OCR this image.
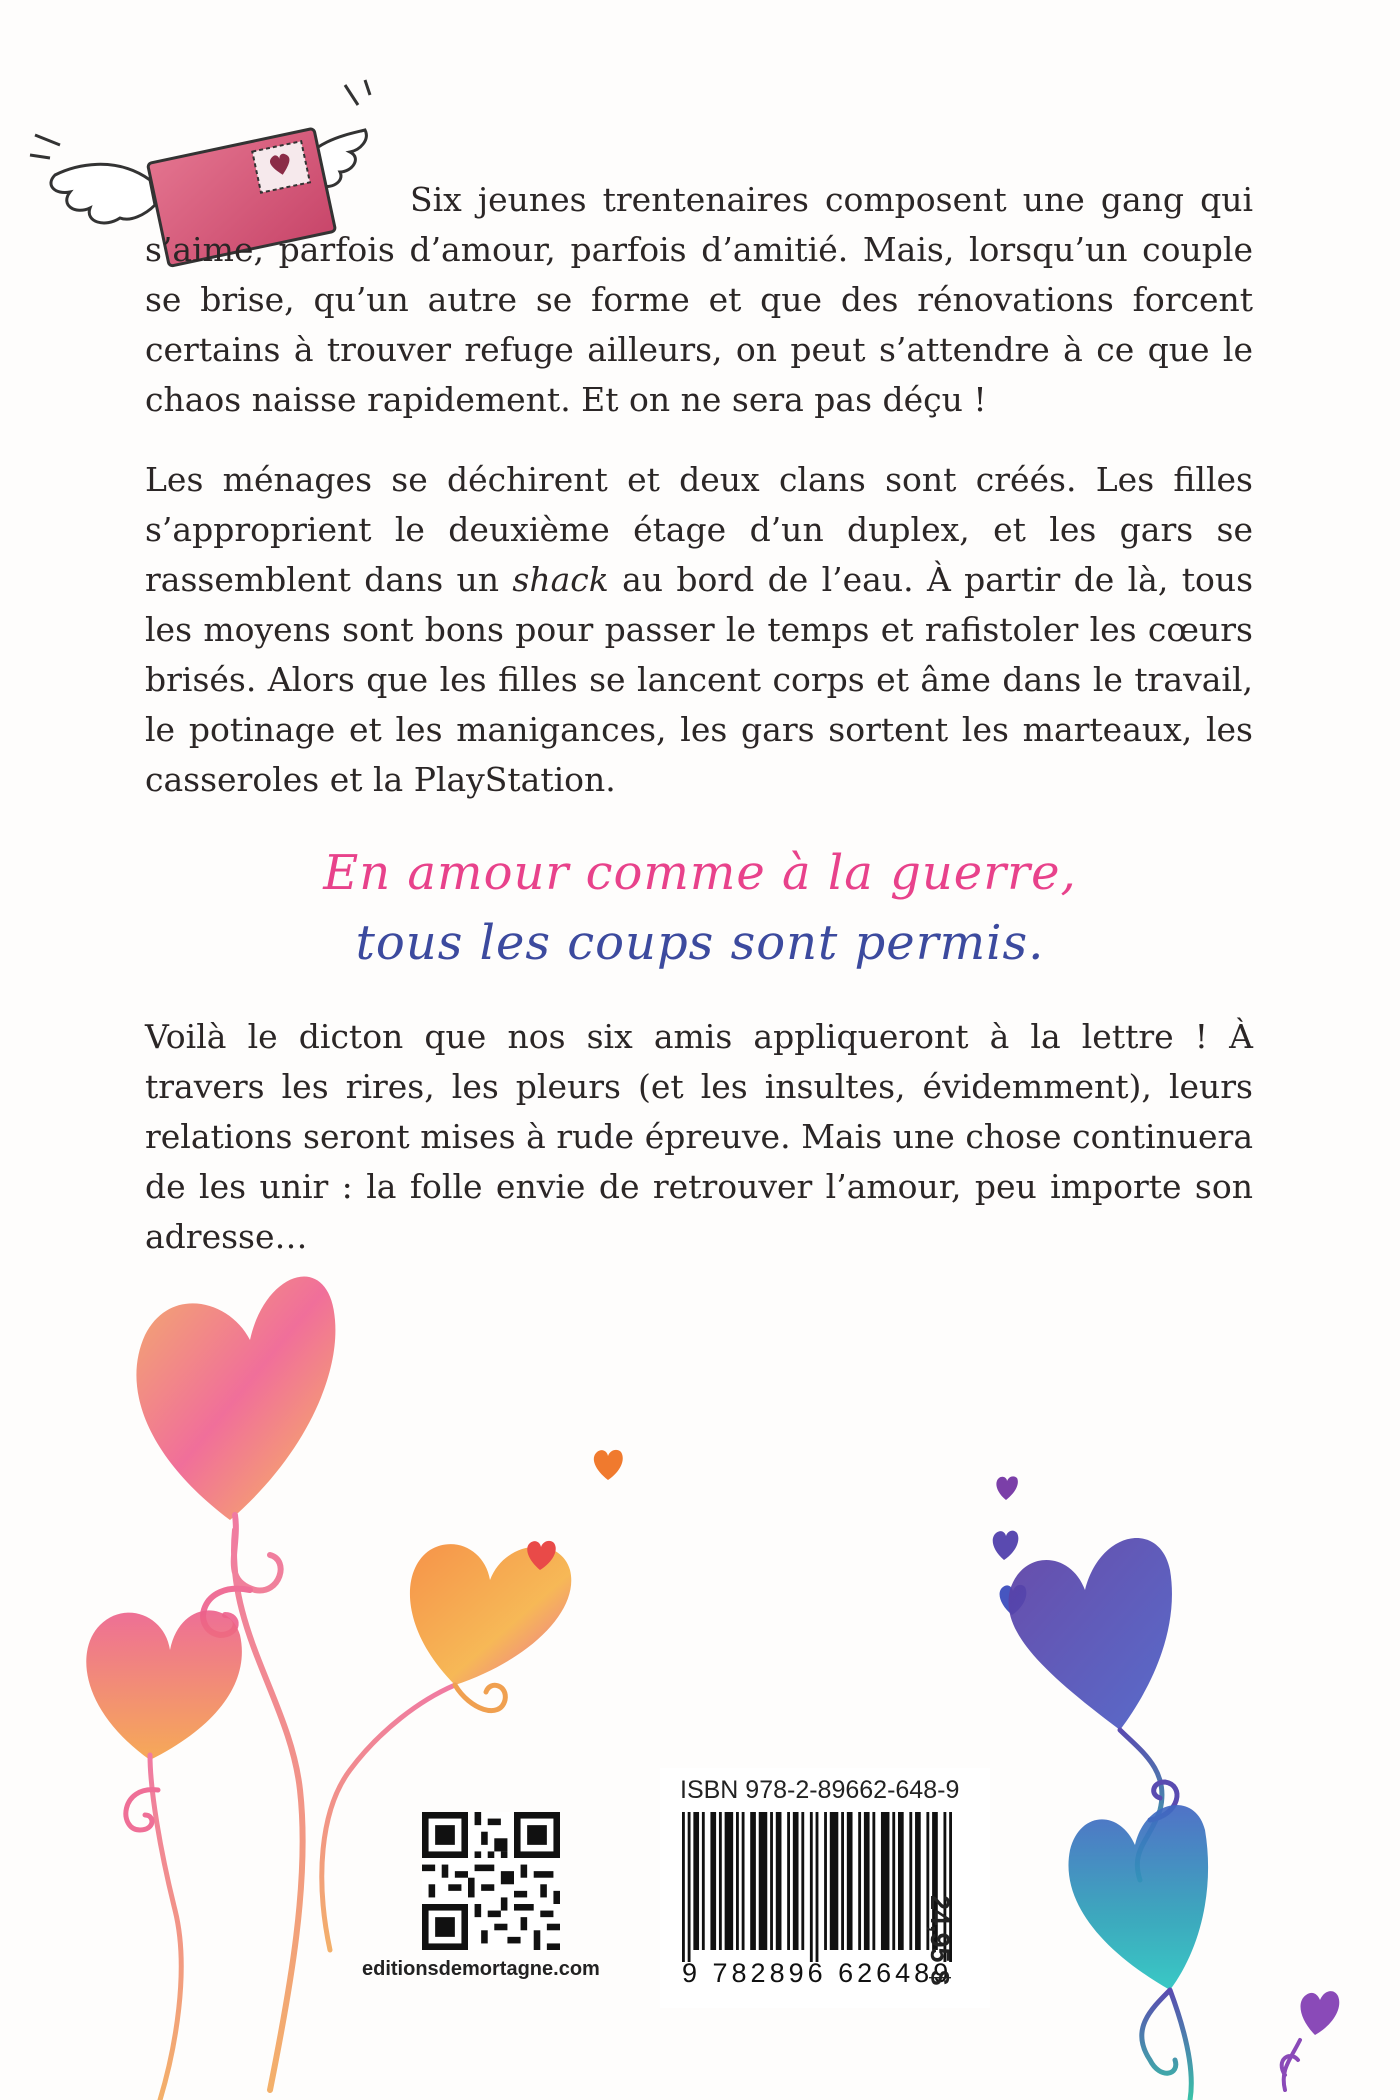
Six jeunes trentenaires composent une gang qui s’aime, parfois d’amour, parfois d’amitié. Mais, lorsqu’un couple se brise, qu’un autre se forme et que des rénovations forcent certains à trouver refuge ailleurs, on peut s’attendre à ce que le chaos naisse rapidement. Et on ne sera pas déçu !

Les ménages se déchirent et deux clans sont créés. Les filles s’approprient le deuxième étage d’un duplex, et les gars se rassemblent dans un shack au bord de l’eau. À partir de là, tous les moyens sont bons pour passer le temps et rafistoler les cœurs brisés. Alors que les filles se lancent corps et âme dans le travail, le potinage et les manigances, les gars sortent les marteaux, les casseroles et la PlayStation.

En amour comme à la guerre,
tous les coups sont permis.

Voilà le dicton que nos six amis appliqueront à la lettre ! À travers les rires, les pleurs (et les insultes, évidemment), leurs relations seront mises à rude épreuve. Mais une chose continuera de les unir : la folle envie de retrouver l’amour, peu importe son adresse…

editionsdemortagne.com
ISBN 978-2-89662-648-9
9 782896 626489
24,95 $
